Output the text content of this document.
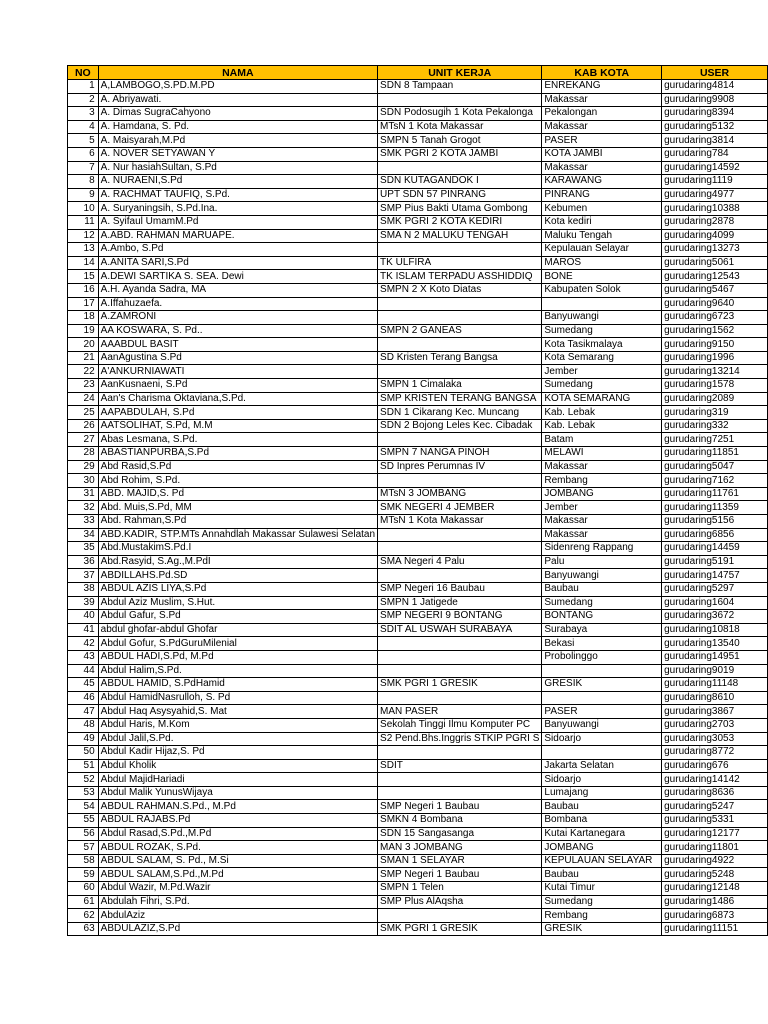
NO	NAMA	UNIT KERJA	KAB KOTA	USER
1	A,LAMBOGO,S.PD.M.PD	SDN 8 Tampaan	ENREKANG	gurudaring4814
2	A. Abriyawati.		Makassar	gurudaring9908
3	A. Dimas SugraCahyono	SDN Podosugih 1 Kota Pekalonga	Pekalongan	gurudaring8394
4	A. Hamdana, S. Pd.	MTsN 1 Kota Makassar	Makassar	gurudaring5132
5	A. Maisyarah,M.Pd	SMPN 5 Tanah Grogot	PASER	gurudaring3814
6	A. NOVER SETYAWAN Y	SMK PGRI 2 KOTA JAMBI	KOTA JAMBI	gurudaring784
7	A. Nur hasiahSultan, S.Pd		Makassar	gurudaring14592
8	A. NURAENI,S.Pd	SDN KUTAGANDOK I	KARAWANG	gurudaring1119
9	A. RACHMAT TAUFIQ, S.Pd.	UPT SDN 57 PINRANG	PINRANG	gurudaring4977
10	A. Suryaningsih, S.Pd.Ina.	SMP Pius Bakti Utama Gombong	Kebumen	gurudaring10388
11	A. Syifaul UmamM.Pd	SMK PGRI 2 KOTA KEDIRI	Kota kediri	gurudaring2878
12	A.ABD. RAHMAN MARUAPE.	SMA N 2 MALUKU TENGAH	Maluku Tengah	gurudaring4099
13	A.Ambo, S.Pd		Kepulauan Selayar	gurudaring13273
14	A.ANITA SARI,S.Pd	TK ULFIRA	MAROS	gurudaring5061
15	A.DEWI SARTIKA S. SEA. Dewi	TK ISLAM TERPADU ASSHIDDIQ	BONE	gurudaring12543
16	A.H. Ayanda Sadra, MA	SMPN 2 X Koto Diatas	Kabupaten Solok	gurudaring5467
17	A.Iffahuzaefa.			gurudaring9640
18	A.ZAMRONI		Banyuwangi	gurudaring6723
19	AA KOSWARA, S. Pd..	SMPN 2 GANEAS	Sumedang	gurudaring1562
20	AAABDUL BASIT		Kota Tasikmalaya	gurudaring9150
21	AanAgustina S.Pd	SD Kristen Terang Bangsa	Kota Semarang	gurudaring1996
22	A'ANKURNIAWATI		Jember	gurudaring13214
23	AanKusnaeni, S.Pd	SMPN 1 Cimalaka	Sumedang	gurudaring1578
24	Aan's Charisma Oktaviana,S.Pd.	SMP KRISTEN TERANG BANGSA	KOTA SEMARANG	gurudaring2089
25	AAPABDULAH, S.Pd	SDN 1 Cikarang Kec. Muncang	Kab. Lebak	gurudaring319
26	AATSOLIHAT, S.Pd, M.M	SDN 2 Bojong Leles Kec. Cibadak	Kab. Lebak	gurudaring332
27	Abas Lesmana, S.Pd.		Batam	gurudaring7251
28	ABASTIANPURBA,S.Pd	SMPN 7 NANGA PINOH	MELAWI	gurudaring11851
29	Abd Rasid,S.Pd	SD Inpres Perumnas IV	Makassar	gurudaring5047
30	Abd Rohim, S.Pd.		Rembang	gurudaring7162
31	ABD. MAJID,S. Pd	MTsN 3 JOMBANG	JOMBANG	gurudaring11761
32	Abd. Muis,S.Pd, MM	SMK NEGERI 4 JEMBER	Jember	gurudaring11359
33	Abd. Rahman,S.Pd	MTsN 1 Kota Makassar	Makassar	gurudaring5156
34	ABD.KADIR, STP.MTs Annahdlah Makassar Sulawesi Selatan		Makassar	gurudaring6856
35	Abd.MustakimS.Pd.I		Sidenreng Rappang	gurudaring14459
36	Abd.Rasyid, S.Ag.,M.PdI	SMA Negeri 4 Palu	Palu	gurudaring5191
37	ABDILLAHS.Pd.SD		Banyuwangi	gurudaring14757
38	ABDUL AZIS LIYA,S.Pd	SMP Negeri 16 Baubau	Baubau	gurudaring5297
39	Abdul Aziz Muslim, S.Hut.	SMPN 1 Jatigede	Sumedang	gurudaring1604
40	Abdul Gafur, S.Pd	SMP NEGERI 9 BONTANG	BONTANG	gurudaring3672
41	abdul ghofar-abdul Ghofar	SDIT AL USWAH SURABAYA	Surabaya	gurudaring10818
42	Abdul Gofur, S.PdGuruMilenial		Bekasi	gurudaring13540
43	ABDUL HADI,S.Pd, M.Pd		Probolinggo	gurudaring14951
44	Abdul Halim,S.Pd.			gurudaring9019
45	ABDUL HAMID, S.PdHamid	SMK PGRI 1 GRESIK	GRESIK	gurudaring11148
46	Abdul HamidNasrulloh, S. Pd			gurudaring8610
47	Abdul Haq Asysyahid,S. Mat	MAN PASER	PASER	gurudaring3867
48	Abdul Haris, M.Kom	Sekolah Tinggi Ilmu Komputer PC	Banyuwangi	gurudaring2703
49	Abdul Jalil,S.Pd.	S2 Pend.Bhs.Inggris STKIP PGRI S	Sidoarjo	gurudaring3053
50	Abdul Kadir Hijaz,S. Pd			gurudaring8772
51	Abdul Kholik	SDIT	Jakarta Selatan	gurudaring676
52	Abdul MajidHariadi		Sidoarjo	gurudaring14142
53	Abdul Malik YunusWijaya		Lumajang	gurudaring8636
54	ABDUL RAHMAN.S.Pd., M.Pd	SMP Negeri 1 Baubau	Baubau	gurudaring5247
55	ABDUL RAJABS.Pd	SMKN 4 Bombana	Bombana	gurudaring5331
56	Abdul Rasad,S.Pd.,M.Pd	SDN 15 Sangasanga	Kutai Kartanegara	gurudaring12177
57	ABDUL ROZAK, S.Pd.	MAN 3 JOMBANG	JOMBANG	gurudaring11801
58	ABDUL SALAM, S. Pd., M.Si	SMAN 1 SELAYAR	KEPULAUAN SELAYAR	gurudaring4922
59	ABDUL SALAM,S.Pd.,M.Pd	SMP Negeri 1 Baubau	Baubau	gurudaring5248
60	Abdul Wazir, M.Pd.Wazir	SMPN 1 Telen	Kutai Timur	gurudaring12148
61	Abdulah Fihri, S.Pd.	SMP Plus AlAqsha	Sumedang	gurudaring1486
62	AbdulAziz		Rembang	gurudaring6873
63	ABDULAZIZ,S.Pd	SMK PGRI 1 GRESIK	GRESIK	gurudaring11151
